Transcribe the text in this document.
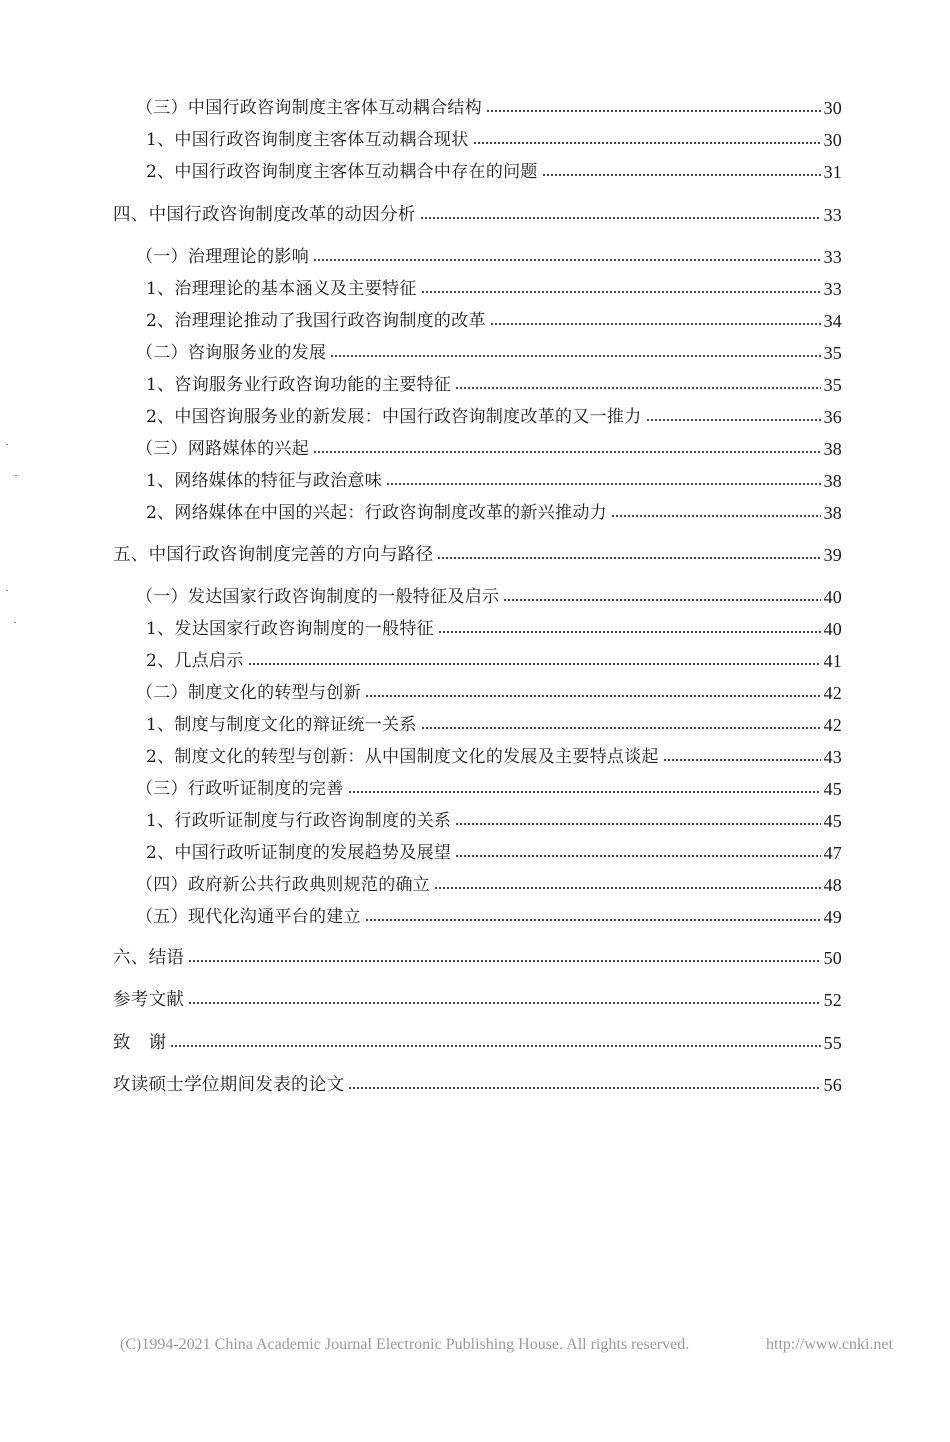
（三）中国行政咨询制度主客体互动耦合结构	30
1、中国行政咨询制度主客体互动耦合现状	30
2、中国行政咨询制度主客体互动耦合中存在的问题	31
四、中国行政咨询制度改革的动因分析	33
（一）治理理论的影响	33
1、治理理论的基本涵义及主要特征	33
2、治理理论推动了我国行政咨询制度的改革	34
（二）咨询服务业的发展	35
1、咨询服务业行政咨询功能的主要特征	35
2、中国咨询服务业的新发展：中国行政咨询制度改革的又一推力	36
（三）网路媒体的兴起	38
1、网络媒体的特征与政治意味	38
2、网络媒体在中国的兴起：行政咨询制度改革的新兴推动力	38
五、中国行政咨询制度完善的方向与路径	39
（一）发达国家行政咨询制度的一般特征及启示	40
1、发达国家行政咨询制度的一般特征	40
2、几点启示	41
（二）制度文化的转型与创新	42
1、制度与制度文化的辩证统一关系	42
2、制度文化的转型与创新：从中国制度文化的发展及主要特点谈起	43
（三）行政听证制度的完善	45
1、行政听证制度与行政咨询制度的关系	45
2、中国行政听证制度的发展趋势及展望	47
（四）政府新公共行政典则规范的确立	48
（五）现代化沟通平台的建立	49
六、结语	50
参考文献	52
致　谢	55
攻读硕士学位期间发表的论文	56
(C)1994-2021 China Academic Journal Electronic Publishing House. All rights reserved.	http://www.cnki.net
